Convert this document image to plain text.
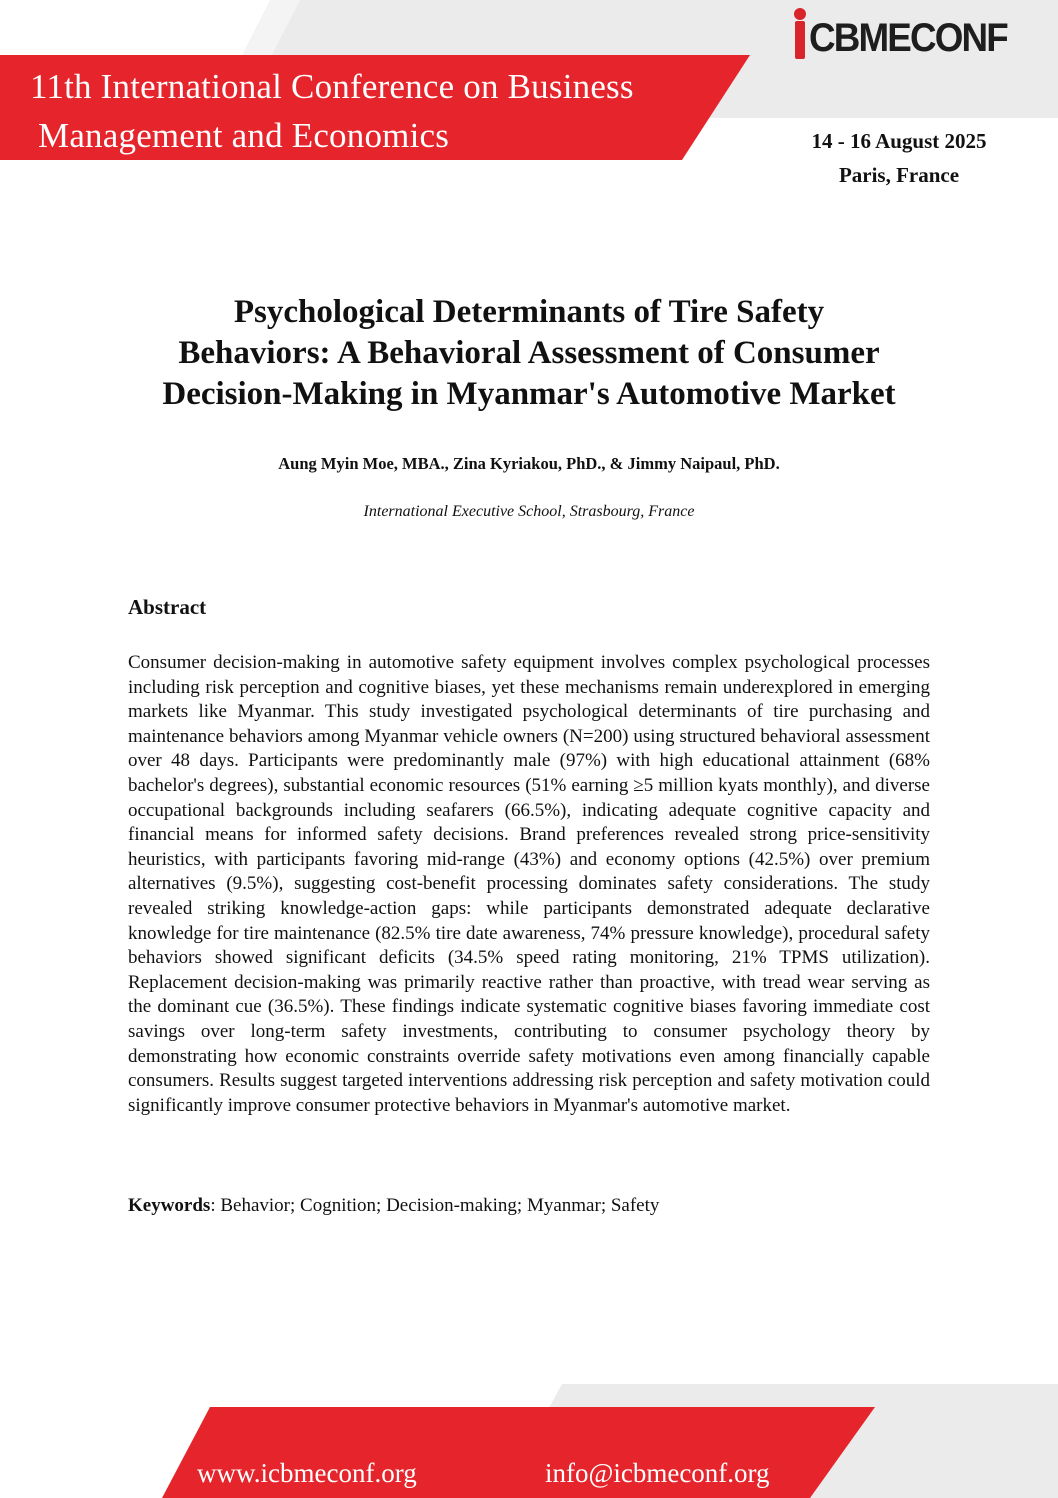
11th International Conference on Business
Management and Economics
CBMECONF
14 - 16 August 2025
Paris, France
Psychological Determinants of Tire Safety
Behaviors: A Behavioral Assessment of Consumer
Decision-Making in Myanmar's Automotive Market
Aung Myin Moe, MBA., Zina Kyriakou, PhD., & Jimmy Naipaul, PhD.
International Executive School, Strasbourg, France
Abstract

Consumer decision-making in automotive safety equipment involves complex psychological processes including risk perception and cognitive biases, yet these mechanisms remain underexplored in emerging markets like Myanmar. This study investigated psychological determinants of tire purchasing and maintenance behaviors among Myanmar vehicle owners (N=200) using structured behavioral assessment over 48 days. Participants were predominantly male (97%) with high educational attainment (68% bachelor's degrees), substantial economic resources (51% earning ≥5 million kyats monthly), and diverse occupational backgrounds including seafarers (66.5%), indicating adequate cognitive capacity and financial means for informed safety decisions. Brand preferences revealed strong price-sensitivity heuristics, with participants favoring mid-range (43%) and economy options (42.5%) over premium alternatives (9.5%), suggesting cost-benefit processing dominates safety considerations. The study revealed striking knowledge-action gaps: while participants demonstrated adequate declarative knowledge for tire maintenance (82.5% tire date awareness, 74% pressure knowledge), procedural safety behaviors showed significant deficits (34.5% speed rating monitoring, 21% TPMS utilization). Replacement decision-making was primarily reactive rather than proactive, with tread wear serving as the dominant cue (36.5%). These findings indicate systematic cognitive biases favoring immediate cost savings over long-term safety investments, contributing to consumer psychology theory by demonstrating how economic constraints override safety motivations even among financially capable consumers. Results suggest targeted interventions addressing risk perception and safety motivation could significantly improve consumer protective behaviors in Myanmar's automotive market.

Keywords: Behavior; Cognition; Decision-making; Myanmar; Safety
www.icbmeconf.org	info@icbmeconf.org
